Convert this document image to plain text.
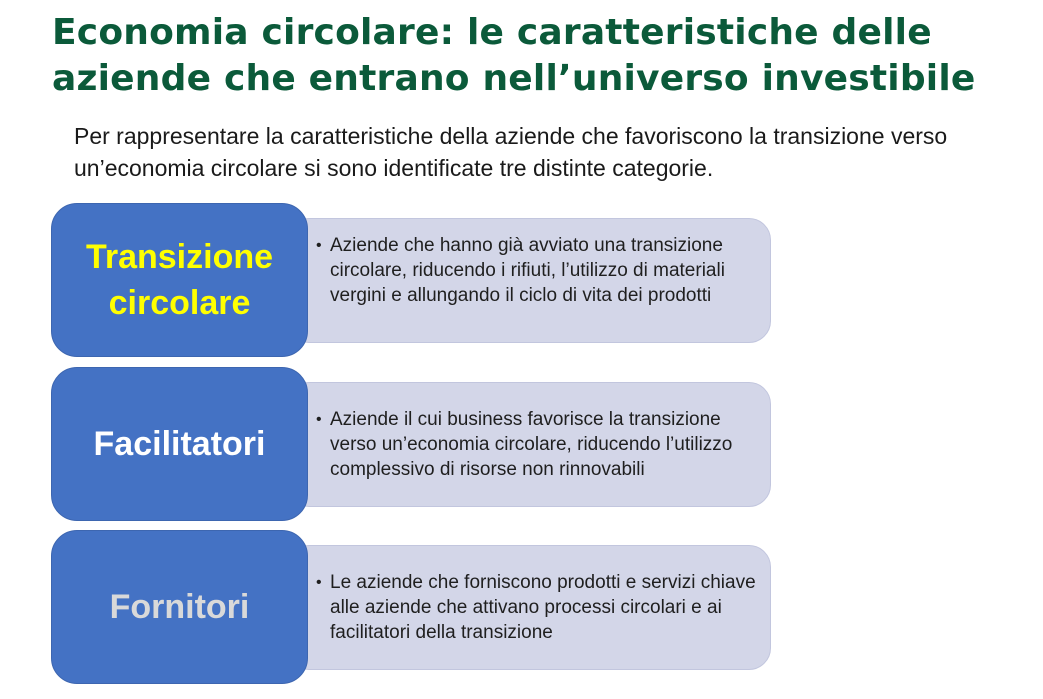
Economia circolare: le caratteristiche delle aziende che entrano nell’universo investibile

Per rappresentare la caratteristiche della aziende che favoriscono la transizione verso un’economia circolare si sono identificate tre distinte categorie.

• Aziende che hanno già avviato una transizione circolare, riducendo i rifiuti, l’utilizzo di materiali vergini e allungando il ciclo di vita dei prodotti
Transizione
circolare
• Aziende il cui business favorisce la transizione verso un’economia circolare, riducendo l’utilizzo complessivo di risorse non rinnovabili
Facilitatori
• Le aziende che forniscono prodotti e servizi chiave alle aziende che attivano processi circolari e ai facilitatori della transizione
Fornitori
